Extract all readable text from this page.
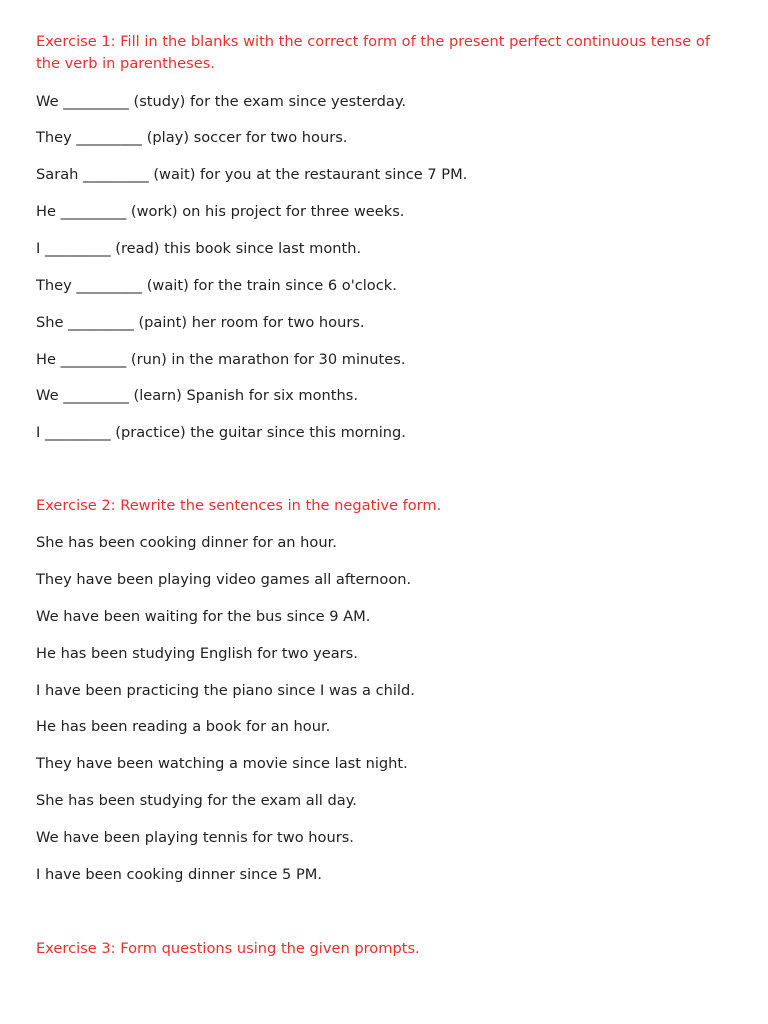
Exercise 1: Fill in the blanks with the correct form of the present perfect continuous tense of the verb in parentheses.

We _________ (study) for the exam since yesterday.

They _________ (play) soccer for two hours.

Sarah _________ (wait) for you at the restaurant since 7 PM.

He _________ (work) on his project for three weeks.

I _________ (read) this book since last month.

They _________ (wait) for the train since 6 o'clock.

She _________ (paint) her room for two hours.

He _________ (run) in the marathon for 30 minutes.

We _________ (learn) Spanish for six months.

I _________ (practice) the guitar since this morning.

Exercise 2: Rewrite the sentences in the negative form.

She has been cooking dinner for an hour.

They have been playing video games all afternoon.

We have been waiting for the bus since 9 AM.

He has been studying English for two years.

I have been practicing the piano since I was a child.

He has been reading a book for an hour.

They have been watching a movie since last night.

She has been studying for the exam all day.

We have been playing tennis for two hours.

I have been cooking dinner since 5 PM.

Exercise 3: Form questions using the given prompts.
